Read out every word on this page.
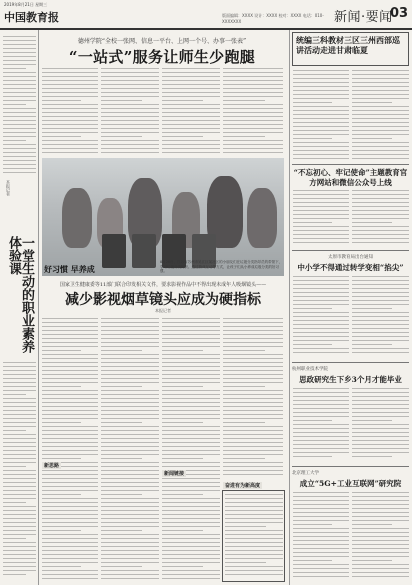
2019年8月21日 星期三
中国教育报	版面编辑：XXXX 设计：XXXX 校对：XXXX 电话：010-XXXXXXX	新闻·要闻
03
德州学院“全校一张网、信息一平台、上网一个号、办事一张表”
“一站式”服务让师生少跑腿
本报记者
一堂生动的职业素养体验课	好习惯 早养成
8月20日，江苏省苏州市吴江区某社区的小朋友们在垃圾分类指导员的带领下，学习垃圾分类知识。通过游戏互动等方式，让孩子们从小养成垃圾分类的好习惯。
国家卫生健康委等11部门联合印发相关文件，要求影视作品中不得出现未成年人吸烟镜头——
减少影视烟草镜头应成为硬指标
本报记者
新思路
奋进有为新高度
统编三科教材三区三州西部巡讲活动走进甘肃临夏
“不忘初心、牢记使命”主题教育官方网站和微信公众号上线
太原市教育局出台通知
中小学不得通过转学变相“掐尖”
杭州职业技术学院
思政研究生下乡3个月才能毕业
北京理工大学
成立“5G+工业互联网”研究院
新闻链接
